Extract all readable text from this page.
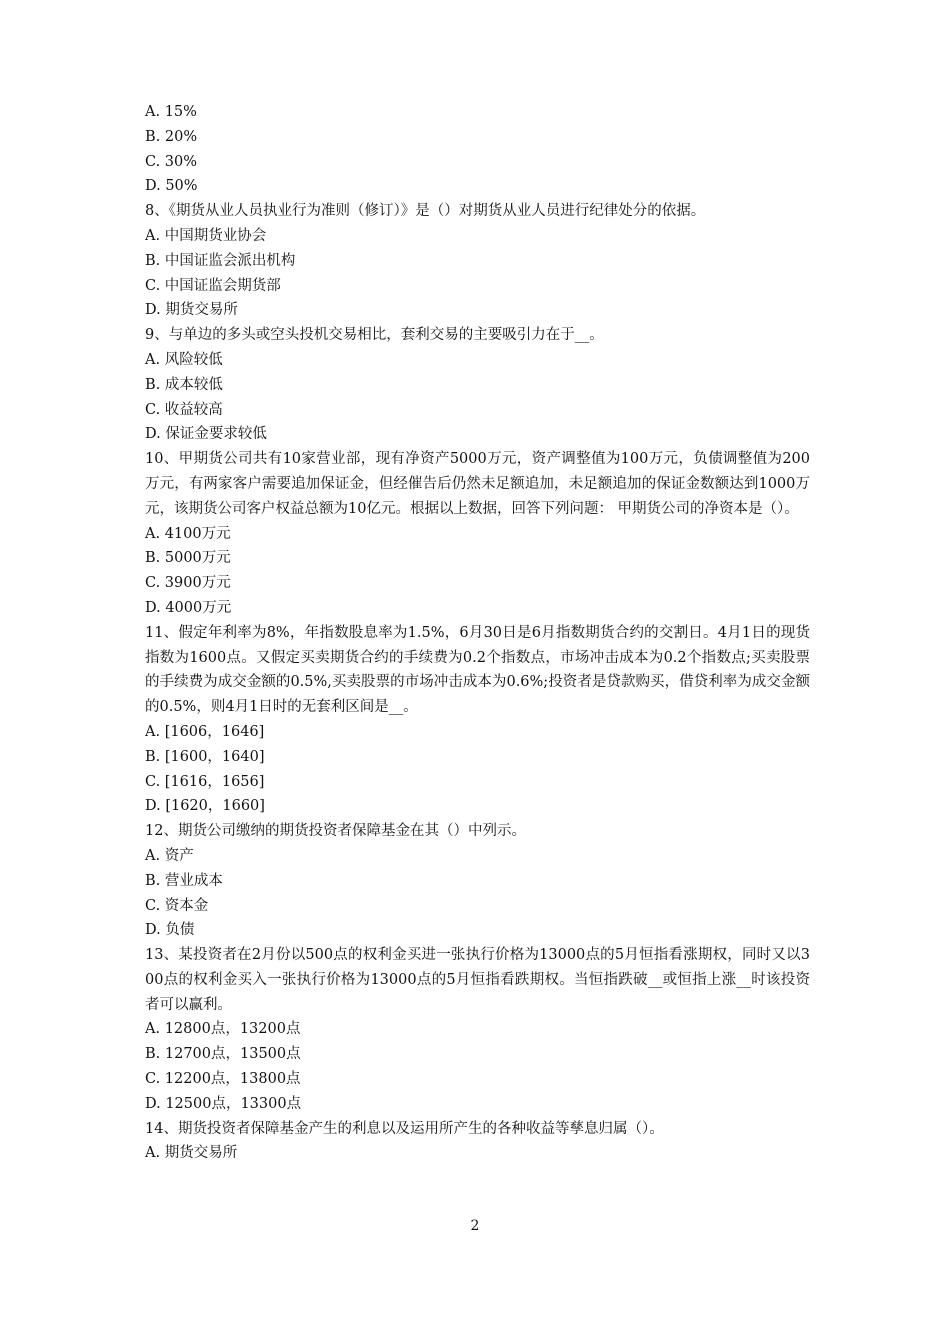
A. 15%
B. 20%
C. 30%
D. 50%
8、《期货从业人员执业行为准则（修订）》是（）对期货从业人员进行纪律处分的依据。
A. 中国期货业协会
B. 中国证监会派出机构
C. 中国证监会期货部
D. 期货交易所
9、与单边的多头或空头投机交易相比，套利交易的主要吸引力在于__。
A. 风险较低
B. 成本较低
C. 收益较高
D. 保证金要求较低
10、甲期货公司共有10家营业部，现有净资产5000万元，资产调整值为100万元，负债调整值为200万元，有两家客户需要追加保证金，但经催告后仍然未足额追加，未足额追加的保证金数额达到1000万元，该期货公司客户权益总额为10亿元。根据以上数据，回答下列问题： 甲期货公司的净资本是（）。
A. 4100万元
B. 5000万元
C. 3900万元
D. 4000万元
11、假定年利率为8%，年指数股息率为1.5%，6月30日是6月指数期货合约的交割日。4月1日的现货指数为1600点。又假定买卖期货合约的手续费为0.2个指数点，市场冲击成本为0.2个指数点;买卖股票的手续费为成交金额的0.5%,买卖股票的市场冲击成本为0.6%;投资者是贷款购买，借贷利率为成交金额的0.5%，则4月1日时的无套利区间是__。
A. [1606，1646]
B. [1600，1640]
C. [1616，1656]
D. [1620，1660]
12、期货公司缴纳的期货投资者保障基金在其（）中列示。
A. 资产
B. 营业成本
C. 资本金
D. 负债
13、某投资者在2月份以500点的权利金买进一张执行价格为13000点的5月恒指看涨期权，同时又以300点的权利金买入一张执行价格为13000点的5月恒指看跌期权。当恒指跌破__或恒指上涨__时该投资者可以赢利。
A. 12800点，13200点
B. 12700点，13500点
C. 12200点，13800点
D. 12500点，13300点
14、期货投资者保障基金产生的利息以及运用所产生的各种收益等孳息归属（）。
A. 期货交易所
2
